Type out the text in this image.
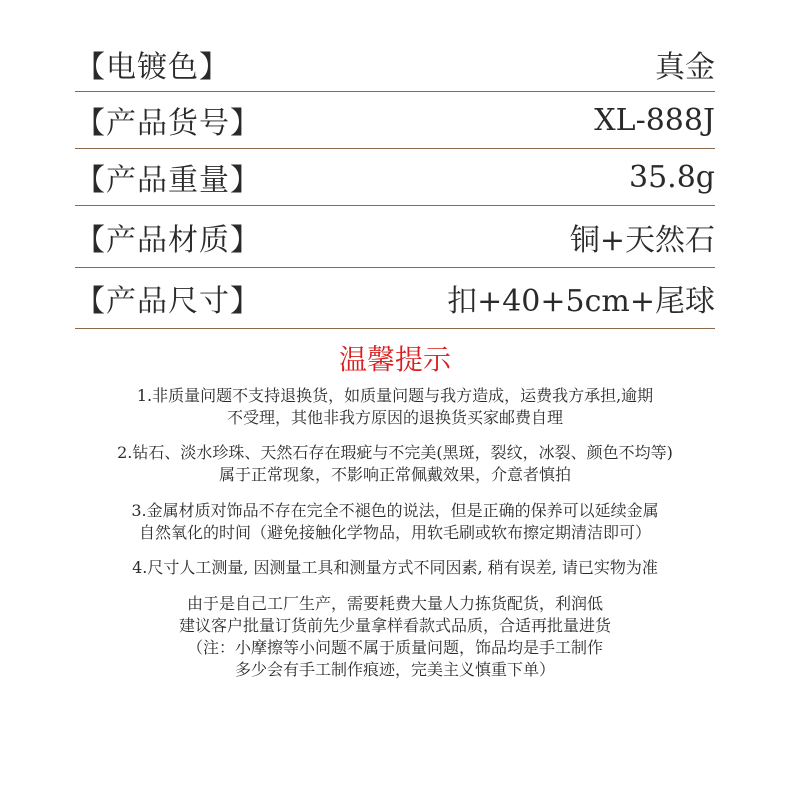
【电镀色】	真金
【产品货号】	XL-888J
【产品重量】	35.8g
【产品材质】	铜+天然石
【产品尺寸】	扣+40+5cm+尾球
温馨提示

1.非质量问题不支持退换货，如质量问题与我方造成，运费我方承担,逾期

不受理，其他非我方原因的退换货买家邮费自理

2.钻石、淡水珍珠、天然石存在瑕疵与不完美(黑斑，裂纹，冰裂、颜色不均等)

属于正常现象，不影响正常佩戴效果，介意者慎拍

3.金属材质对饰品不存在完全不褪色的说法，但是正确的保养可以延续金属

自然氧化的时间（避免接触化学物品，用软毛刷或软布擦定期清洁即可）

4.尺寸人工测量, 因测量工具和测量方式不同因素, 稍有误差, 请已实物为准

由于是自己工厂生产，需要耗费大量人力拣货配货，利润低

建议客户批量订货前先少量拿样看款式品质，合适再批量进货

（注：小摩擦等小问题不属于质量问题，饰品均是手工制作

多少会有手工制作痕迹，完美主义慎重下单）
